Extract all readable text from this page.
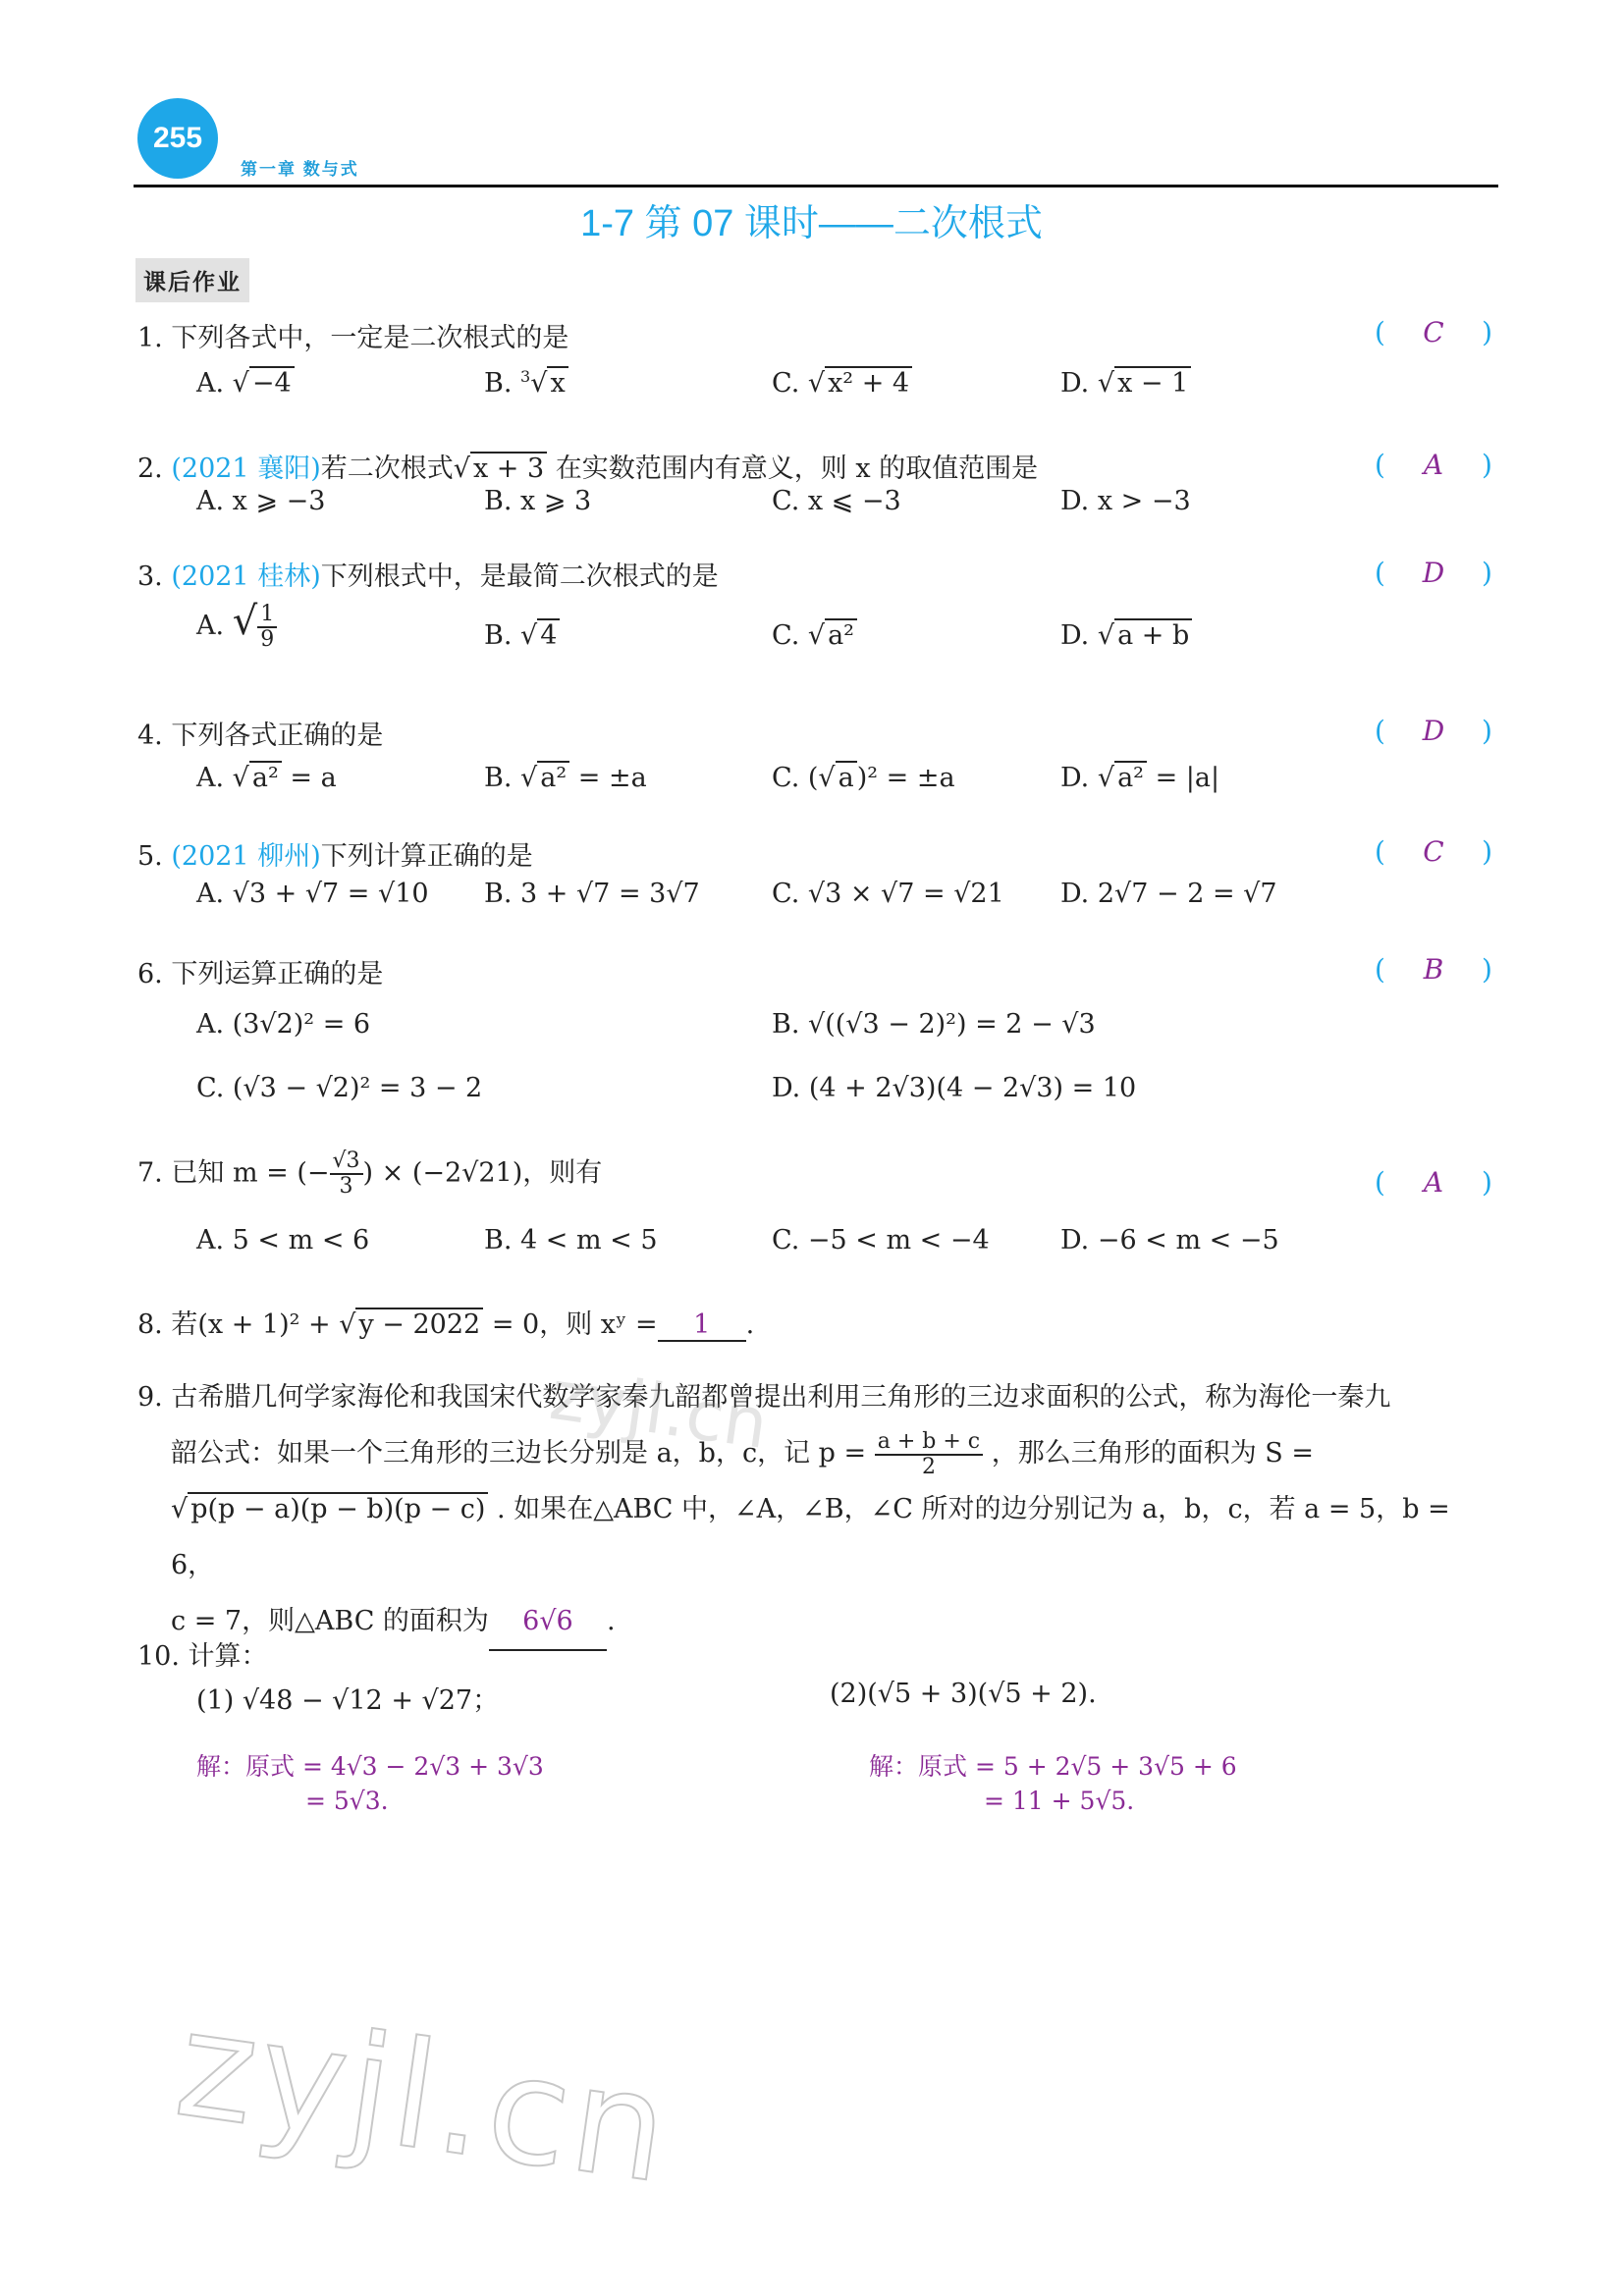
255
第一章 数与式
1-7 第 07 课时——二次根式
课后作业
1. 下列各式中，一定是二次根式的是	( C )
A. √ −4	B. $^3$√ x	C. √ x² + 4	D. √ x − 1
2. (2021 襄阳)若二次根式√ x + 3 在实数范围内有意义，则 x 的取值范围是	( A )
A. x ⩾ −3	B. x ⩾ 3	C. x ⩽ −3	D. x > −3
3. (2021 桂林)下列根式中，是最简二次根式的是	( D )
A. $√\frac{1}{9}$	B. √ 4	C. √ a²	D. √ a + b
4. 下列各式正确的是	( D )
A. √ a² = a	B. √ a² = ±a	C. (√ a )² = ±a	D. √ a² = |a|
5. (2021 柳州)下列计算正确的是	( C )
A. √3 + √7 = √10 B. 3 + √7 = 3√7	C. √3 × √7 = √21 D. 2√7 − 2 = √7
6. 下列运算正确的是	( B )
A. (3√2)² = 6	B. √((√3 − 2)²) = 2 − √3
C. (√3 − √2)² = 3 − 2	D. (4 + 2√3)(4 − 2√3) = 10
7. 已知 $m = (-\frac{√3}{3}) \times (-2√21)$，则有	( A )
A. 5 < m < 6	B. 4 < m < 5	C. −5 < m < −4	D. −6 < m < −5
8. 若(x + 1)² + √ y − 2022 = 0，则 xʸ = 1 .
9. 古希腊几何学家海伦和我国宋代数学家秦九韶都曾提出利用三角形的三边求面积的公式，称为海伦一秦九
韶公式：如果一个三角形的三边长分别是 a，b，c，记 $p = \frac{a + b + c}{2}$ ，那么三角形的面积为 S =
√ p(p − a)(p − b)(p − c) . 如果在△ABC 中，∠A，∠B，∠C 所对的边分别记为 a，b，c，若 a = 5，b = 6，
c = 7，则△ABC 的面积为 6√6 .
10. 计算：
(1) √48 − √12 + √27；	(2)(√5 + 3)(√5 + 2).
解：原式 = 4√3 − 2√3 + 3√3
= 5√3.
解：原式 = 5 + 2√5 + 3√5 + 6
= 11 + 5√5.
zyjl.cn
zyjl.cn
